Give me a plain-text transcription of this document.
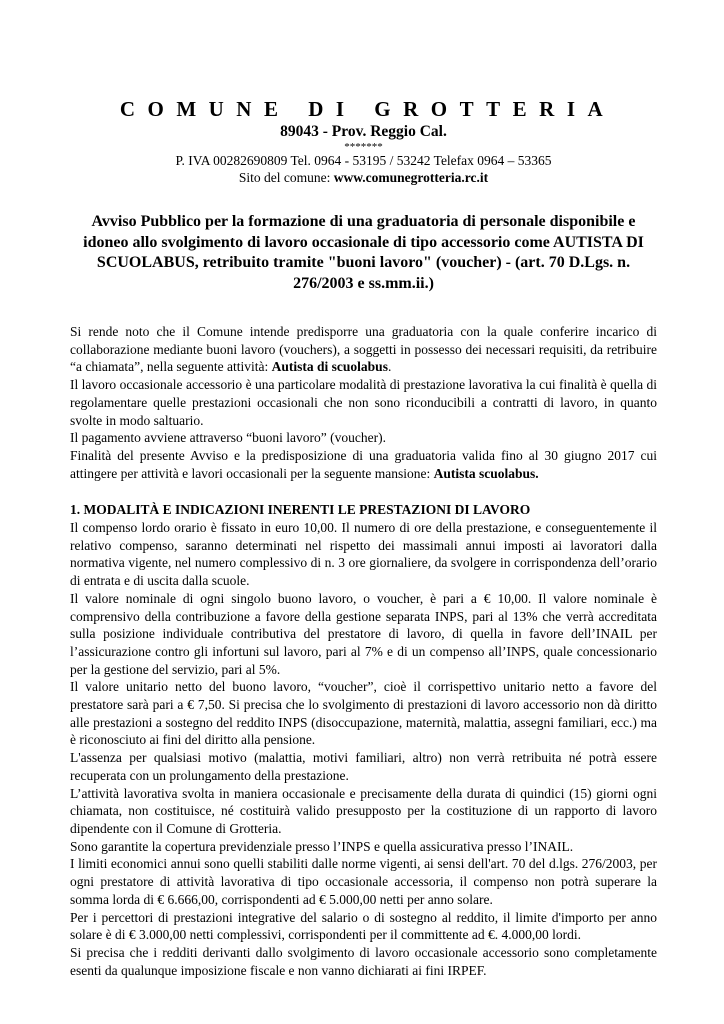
COMUNE DI GROTTERIA

89043 - Prov. Reggio Cal.

*******

P. IVA 00282690809 Tel. 0964 - 53195 / 53242 Telefax 0964 – 53365

Sito del comune: www.comunegrotteria.rc.it

Avviso Pubblico per la formazione di una graduatoria di personale disponibile e idoneo allo svolgimento di lavoro occasionale di tipo accessorio come AUTISTA DI SCUOLABUS, retribuito tramite "buoni lavoro" (voucher) - (art. 70 D.Lgs. n. 276/2003 e ss.mm.ii.)

Si rende noto che il Comune intende predisporre una graduatoria con la quale conferire incarico di collaborazione mediante buoni lavoro (vouchers), a soggetti in possesso dei necessari requisiti, da retribuire “a chiamata”, nella seguente attività: Autista di scuolabus.

Il lavoro occasionale accessorio è una particolare modalità di prestazione lavorativa la cui finalità è quella di regolamentare quelle prestazioni occasionali che non sono riconducibili a contratti di lavoro, in quanto svolte in modo saltuario.

Il pagamento avviene attraverso “buoni lavoro” (voucher).

Finalità del presente Avviso e la predisposizione di una graduatoria valida fino al 30 giugno 2017 cui attingere per attività e lavori occasionali per la seguente mansione: Autista scuolabus.

1. MODALITÀ E INDICAZIONI INERENTI LE PRESTAZIONI DI LAVORO

Il compenso lordo orario è fissato in euro 10,00. Il numero di ore della prestazione, e conseguentemente il relativo compenso, saranno determinati nel rispetto dei massimali annui imposti ai lavoratori dalla normativa vigente, nel numero complessivo di n. 3 ore giornaliere, da svolgere in corrispondenza dell’orario di entrata e di uscita dalla scuole.

Il valore nominale di ogni singolo buono lavoro, o voucher, è pari a € 10,00. Il valore nominale è comprensivo della contribuzione a favore della gestione separata INPS, pari al 13% che verrà accreditata sulla posizione individuale contributiva del prestatore di lavoro, di quella in favore dell’INAIL per l’assicurazione contro gli infortuni sul lavoro, pari al 7% e di un compenso all’INPS, quale concessionario per la gestione del servizio, pari al 5%.

Il valore unitario netto del buono lavoro, “voucher”, cioè il corrispettivo unitario netto a favore del prestatore sarà pari a € 7,50. Si precisa che lo svolgimento di prestazioni di lavoro accessorio non dà diritto alle prestazioni a sostegno del reddito INPS (disoccupazione, maternità, malattia, assegni familiari, ecc.) ma è riconosciuto ai fini del diritto alla pensione.

L'assenza per qualsiasi motivo (malattia, motivi familiari, altro) non verrà retribuita né potrà essere recuperata con un prolungamento della prestazione.

L’attività lavorativa svolta in maniera occasionale e precisamente della durata di quindici (15) giorni ogni chiamata, non costituisce, né costituirà valido presupposto per la costituzione di un rapporto di lavoro dipendente con il Comune di Grotteria.

Sono garantite la copertura previdenziale presso l’INPS e quella assicurativa presso l’INAIL.

I limiti economici annui sono quelli stabiliti dalle norme vigenti, ai sensi dell'art. 70 del d.lgs. 276/2003, per ogni prestatore di attività lavorativa di tipo occasionale accessoria, il compenso non potrà superare la somma lorda di € 6.666,00, corrispondenti ad € 5.000,00 netti per anno solare.

Per i percettori di prestazioni integrative del salario o di sostegno al reddito, il limite d'importo per anno solare è di € 3.000,00 netti complessivi, corrispondenti per il committente ad €. 4.000,00 lordi.

Si precisa che i redditi derivanti dallo svolgimento di lavoro occasionale accessorio sono completamente esenti da qualunque imposizione fiscale e non vanno dichiarati ai fini IRPEF.
